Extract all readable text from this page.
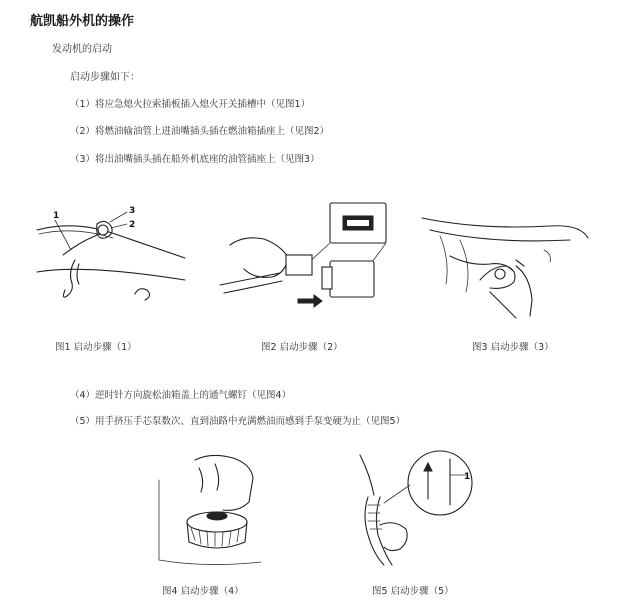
航凯船外机的操作
发动机的启动
启动步骤如下：
（1）将应急熄火拉索插板插入熄火开关插槽中（见图1）
（2）将燃油输油管上进油嘴插头插在燃油箱插座上（见图2）
（3）将出油嘴插头插在船外机底座的油管插座上（见图3）
1	3
2
图1 启动步骤（1）	图2 启动步骤（2）	图3 启动步骤（3）
（4）逆时针方向旋松油箱盖上的通气螺钉（见图4）
（5）用手挤压手芯泵数次、直到油路中充满燃油而感到手泵变硬为止（见图5）
图4 启动步骤（4）
1
图5 启动步骤（5）
